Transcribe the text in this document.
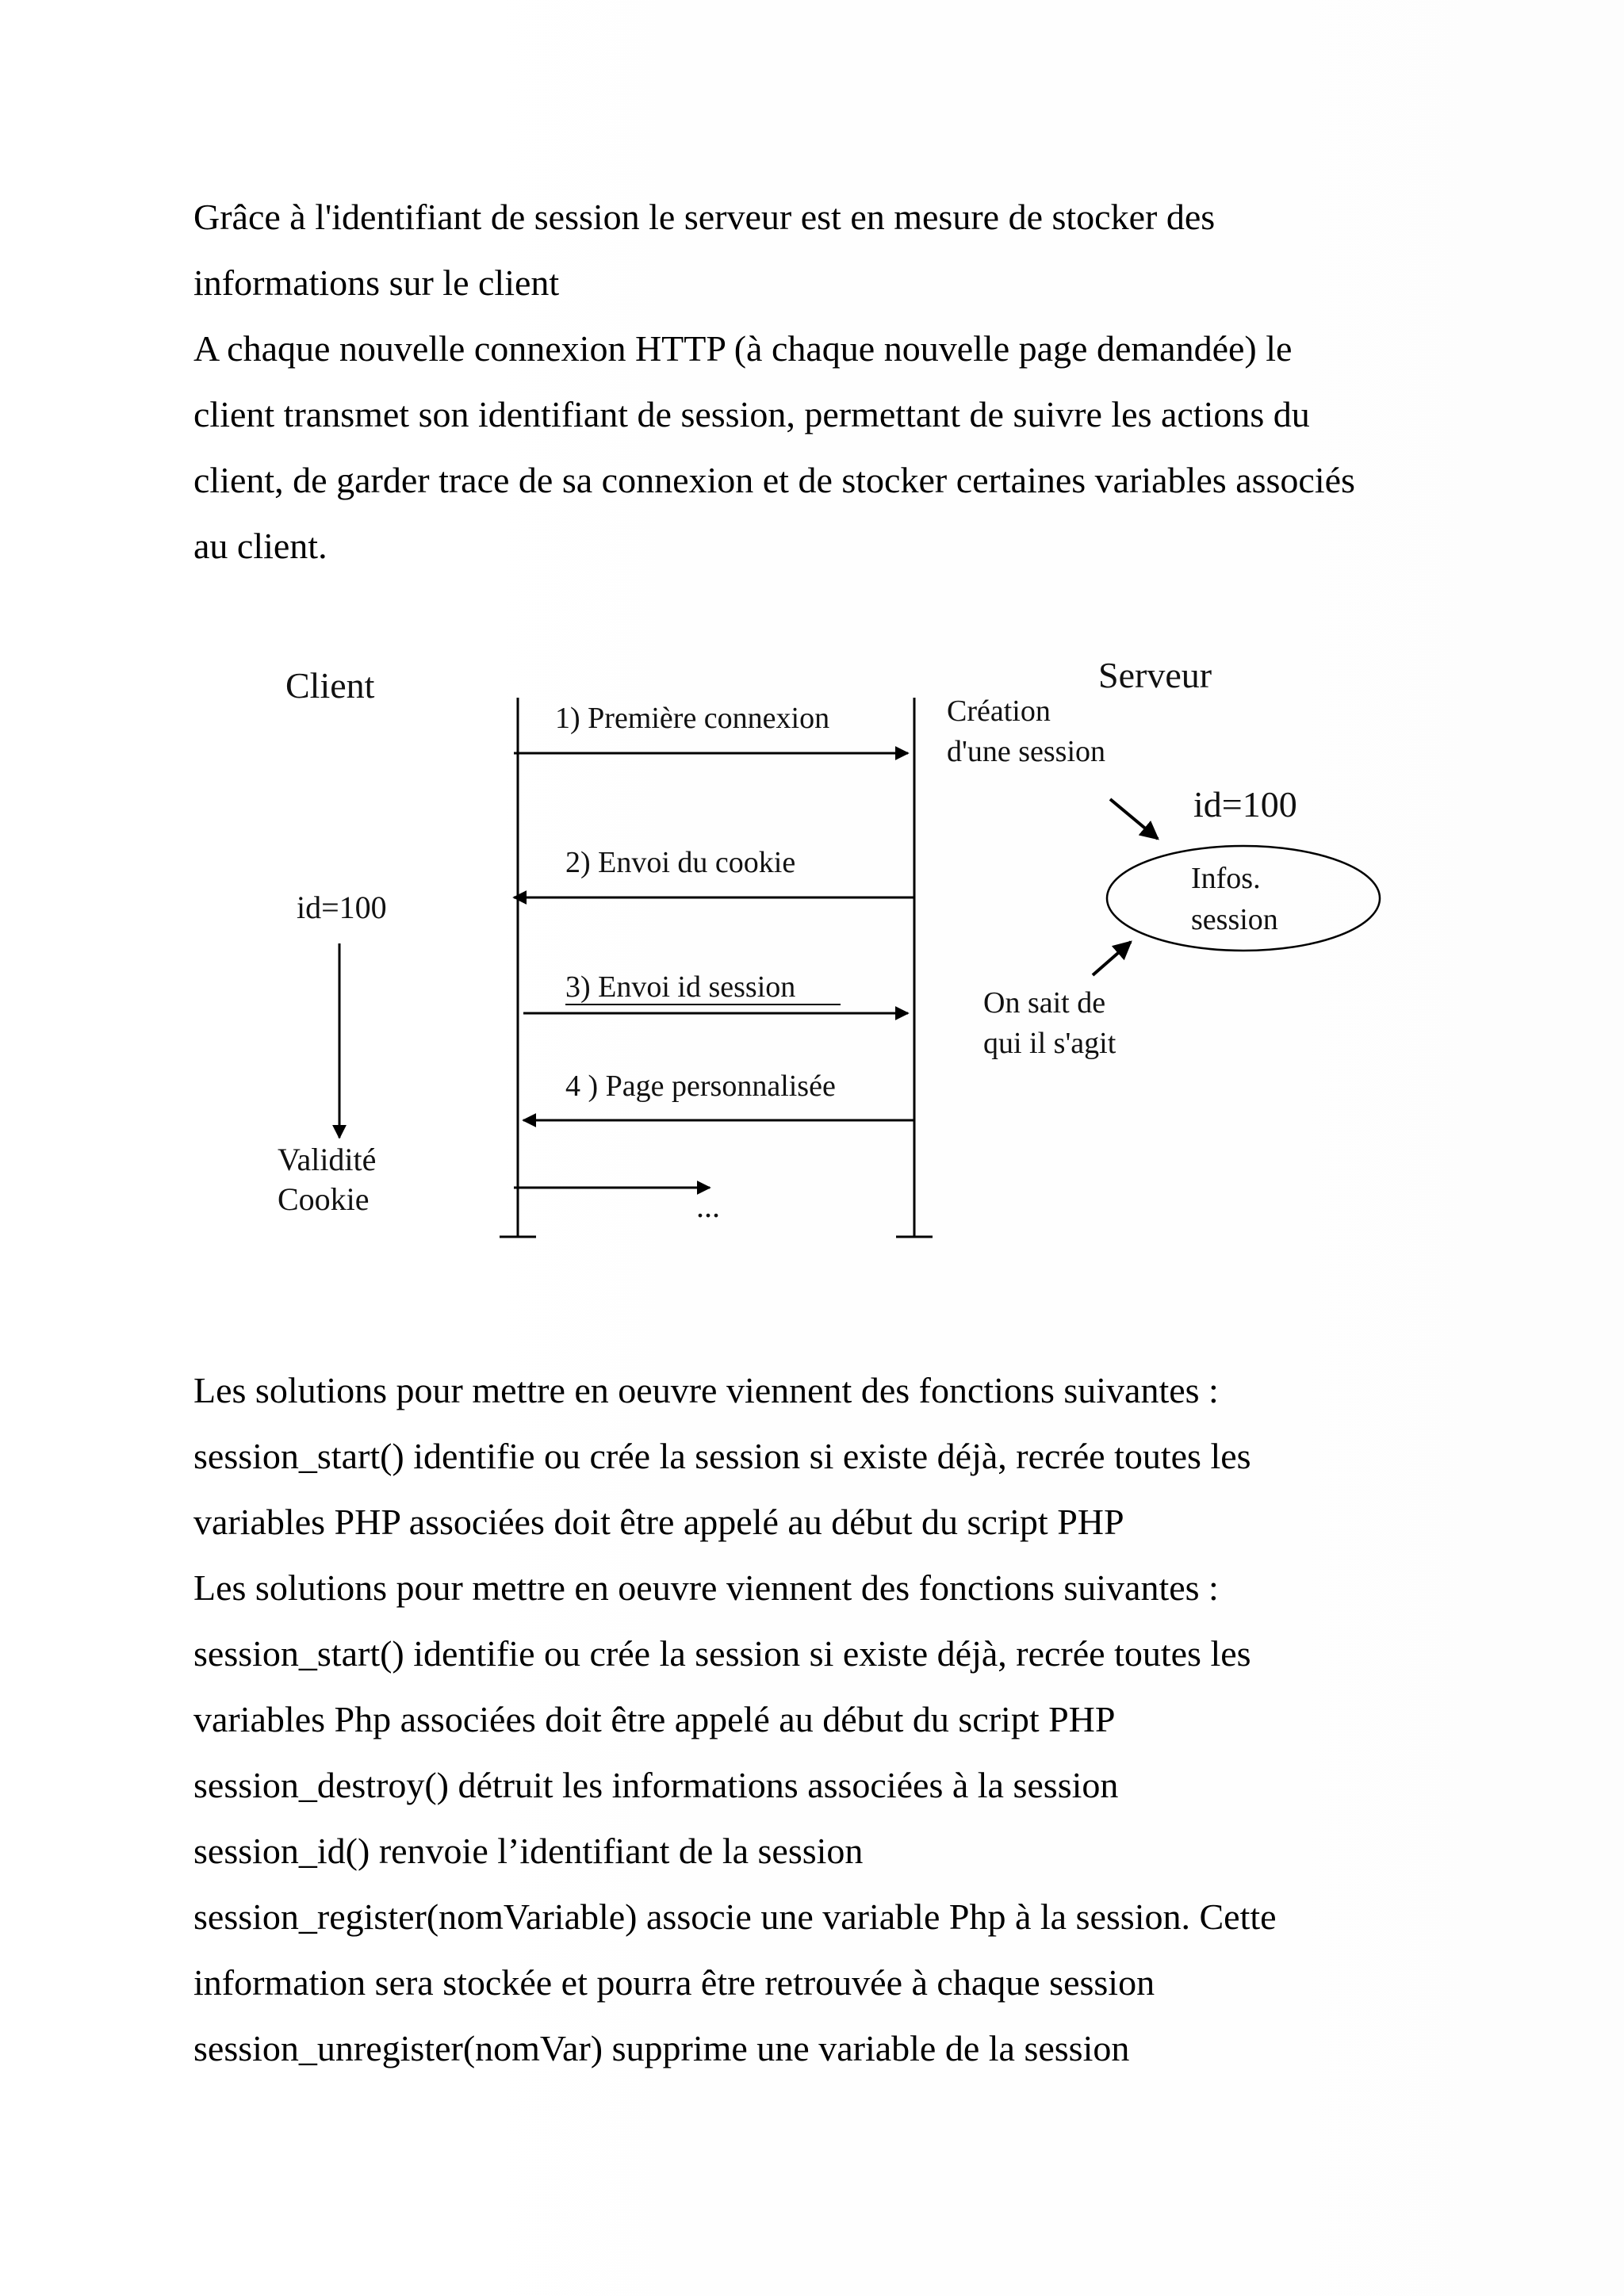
Grâce à l'identifiant de session le serveur est en mesure de stocker des

informations sur le client

A chaque nouvelle connexion HTTP (à chaque nouvelle page demandée) le

client transmet son identifiant de session, permettant de suivre les actions du

client, de garder trace de sa connexion et de stocker certaines variables associés

au client.

Client	Serveur
1) Première connexion
2) Envoi du cookie
3) Envoi id session
4 ) Page personnalisée
...
id=100
Validité
Cookie
Création
d'une session
id=100
Infos.
session
On sait de
qui il s'agit

Les solutions pour mettre en oeuvre viennent des fonctions suivantes :

session_start() identifie ou crée la session si existe déjà, recrée toutes les

variables PHP associées doit être appelé au début du script PHP

Les solutions pour mettre en oeuvre viennent des fonctions suivantes :

session_start() identifie ou crée la session si existe déjà, recrée toutes les

variables Php associées doit être appelé au début du script PHP

session_destroy() détruit les informations associées à la session

session_id() renvoie l’identifiant de la session

session_register(nomVariable) associe une variable Php à la session. Cette

information sera stockée et pourra être retrouvée à chaque session

session_unregister(nomVar) supprime une variable de la session
